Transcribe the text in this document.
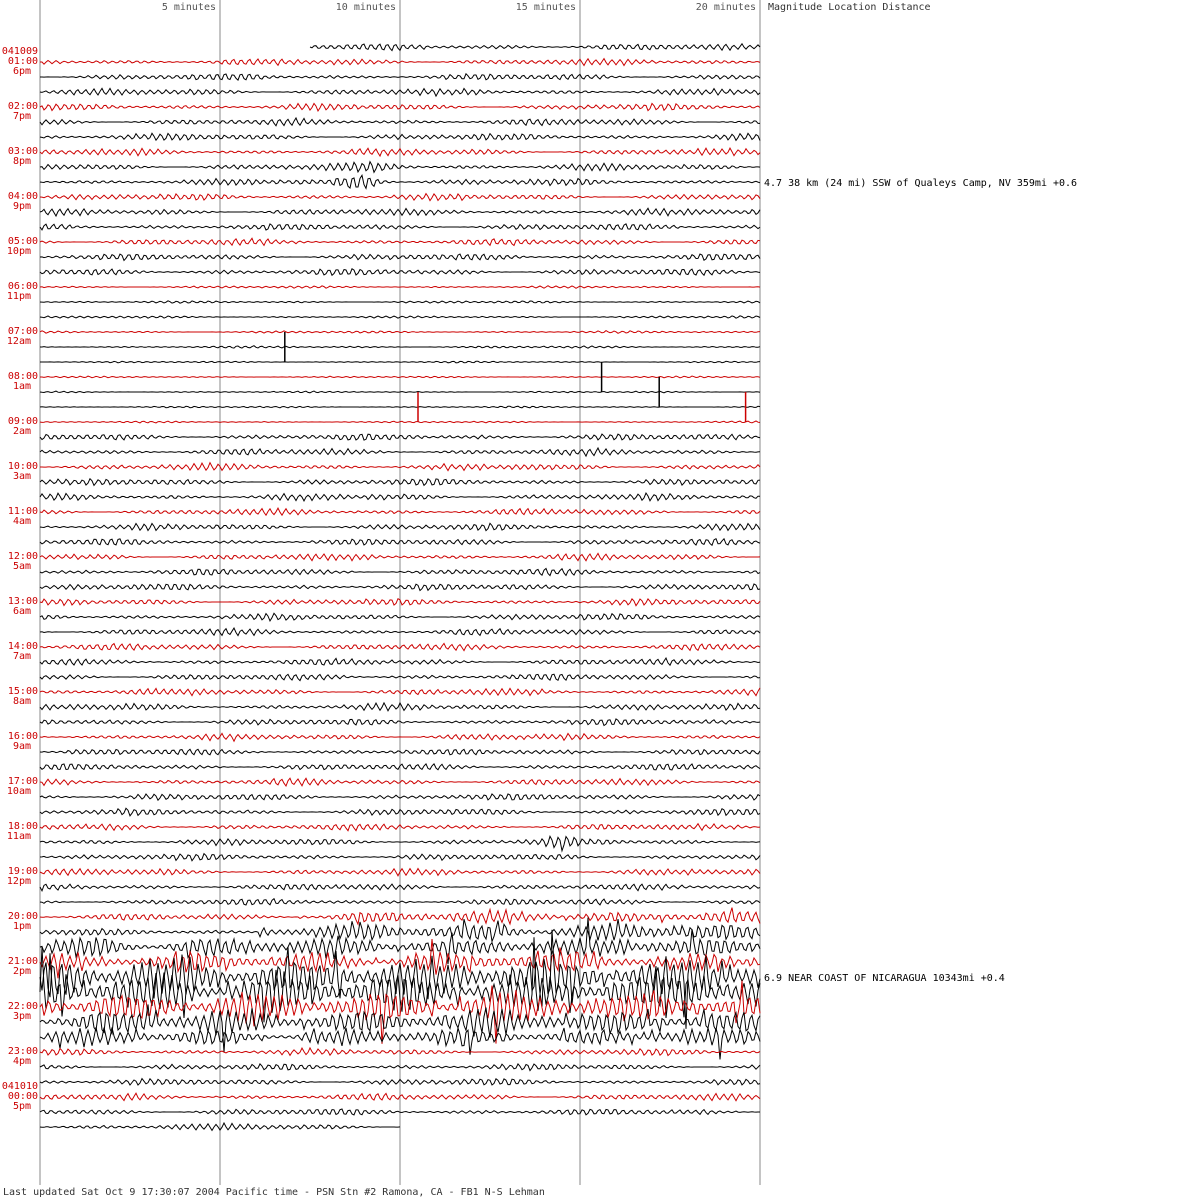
5 minutes	10 minutes	15 minutes	20 minutes Magnitude Location Distance
041009
01:00
6pm
02:00
7pm
03:00
8pm
04:00
9pm
05:00
10pm
06:00
11pm
07:00
12am
08:00
1am
09:00
2am
10:00
3am
11:00
4am
12:00
5am
13:00
6am
14:00
7am
15:00
8am
16:00
9am
17:00
10am
18:00
11am
19:00
12pm
20:00
1pm
21:00
2pm
22:00
3pm
23:00
4pm
041010
00:00
5pm
4.7 38 km (24 mi) SSW of Qualeys Camp, NV 359mi +0.6
6.9 NEAR COAST OF NICARAGUA 10343mi +0.4
Last updated Sat Oct 9 17:30:07 2004 Pacific time - PSN Stn #2 Ramona, CA - FB1 N-S Lehman
